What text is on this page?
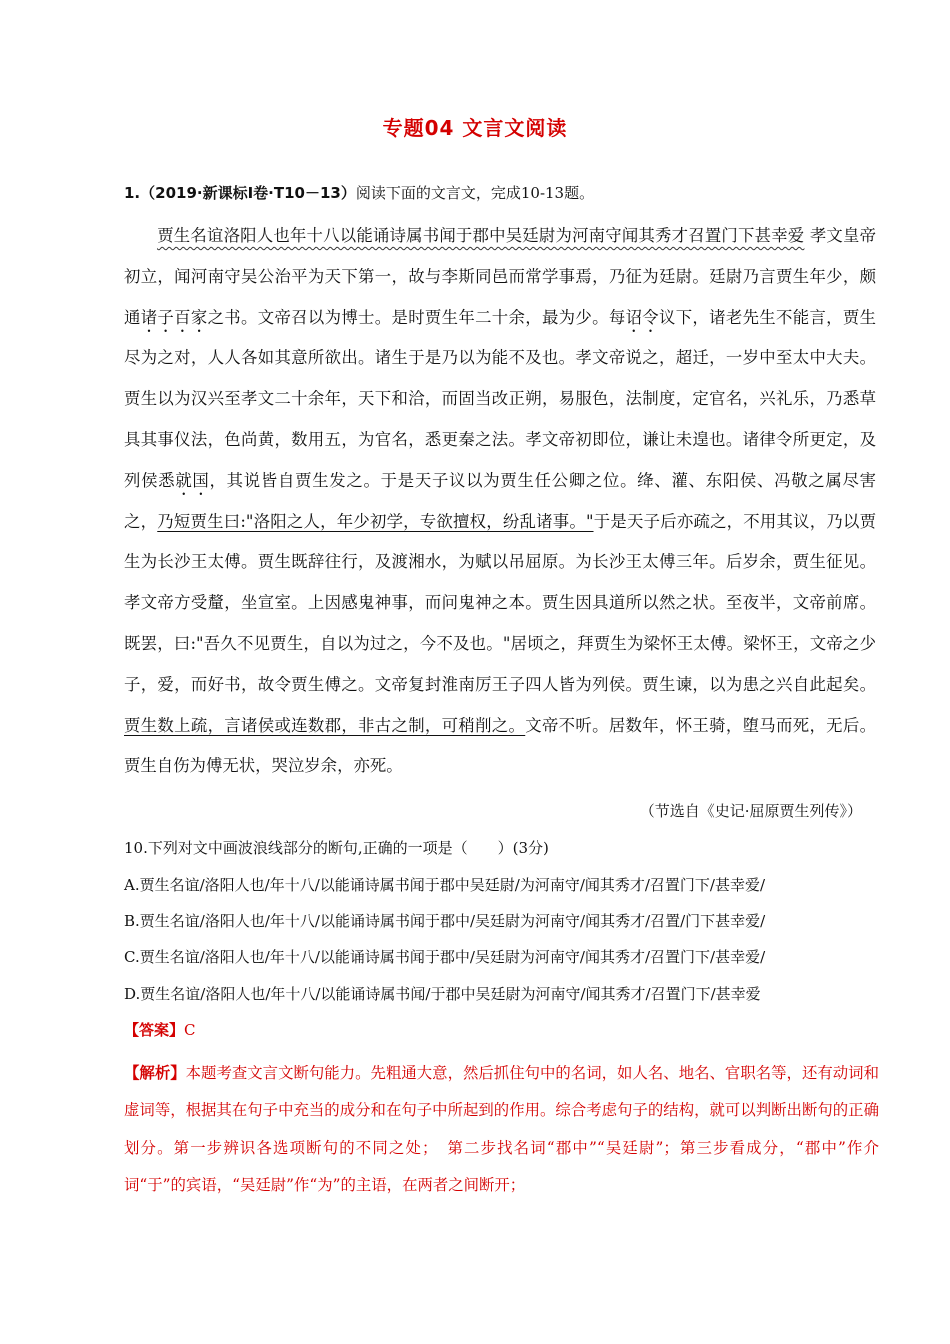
专题04 文言文阅读
1.（2019·新课标Ⅰ卷·T10－13）阅读下面的文言文，完成10-13题。
贾生名谊洛阳人也年十八以能诵诗属书闻于郡中吴廷尉为河南守闻其秀才召置门下甚幸爱 孝文皇帝初立，闻河南守吴公治平为天下第一，故与李斯同邑而常学事焉，乃征为廷尉。廷尉乃言贾生年少，颇通诸子百家之书。文帝召以为博士。是时贾生年二十余，最为少。每诏令议下，诸老先生不能言，贾生尽为之对，人人各如其意所欲出。诸生于是乃以为能不及也。孝文帝说之，超迁，一岁中至太中大夫。贾生以为汉兴至孝文二十余年，天下和洽，而固当改正朔，易服色，法制度，定官名，兴礼乐，乃悉草具其事仪法，色尚黄，数用五，为官名，悉更秦之法。孝文帝初即位，谦让未遑也。诸律令所更定，及列侯悉就国，其说皆自贾生发之。于是天子议以为贾生任公卿之位。绛、灌、东阳侯、冯敬之属尽害之，乃短贾生曰:"洛阳之人，年少初学，专欲擅权，纷乱诸事。"于是天子后亦疏之，不用其议，乃以贾生为长沙王太傅。贾生既辞往行，及渡湘水，为赋以吊屈原。为长沙王太傅三年。后岁余，贾生征见。孝文帝方受釐，坐宣室。上因感鬼神事，而问鬼神之本。贾生因具道所以然之状。至夜半，文帝前席。既罢，曰:"吾久不见贾生，自以为过之，今不及也。"居顷之，拜贾生为梁怀王太傅。梁怀王，文帝之少子，爱，而好书，故令贾生傅之。文帝复封淮南厉王子四人皆为列侯。贾生谏，以为患之兴自此起矣。贾生数上疏，言诸侯或连数郡，非古之制，可稍削之。文帝不听。居数年，怀王骑，堕马而死，无后。贾生自伤为傅无状，哭泣岁余，亦死。
（节选自《史记·屈原贾生列传》）
10.下列对文中画波浪线部分的断句,正确的一项是（　　）(3分)
A.贾生名谊/洛阳人也/年十八/以能诵诗属书闻于郡中吴廷尉/为河南守/闻其秀才/召置门下/甚幸爱/
B.贾生名谊/洛阳人也/年十八/以能诵诗属书闻于郡中/吴廷尉为河南守/闻其秀才/召置/门下甚幸爱/
C.贾生名谊/洛阳人也/年十八/以能诵诗属书闻于郡中/吴廷尉为河南守/闻其秀才/召置门下/甚幸爱/
D.贾生名谊/洛阳人也/年十八/以能诵诗属书闻/于郡中吴廷尉为河南守/闻其秀才/召置门下/甚幸爱
【答案】C
【解析】本题考查文言文断句能力。先粗通大意，然后抓住句中的名词，如人名、地名、官职名等，还有动词和虚词等，根据其在句子中充当的成分和在句子中所起到的作用。综合考虑句子的结构，就可以判断出断句的正确划分。第一步辨识各选项断句的不同之处；　第二步找名词“郡中”“吴廷尉”；第三步看成分，“郡中”作介词“于”的宾语，“吴廷尉”作“为”的主语，在两者之间断开；
